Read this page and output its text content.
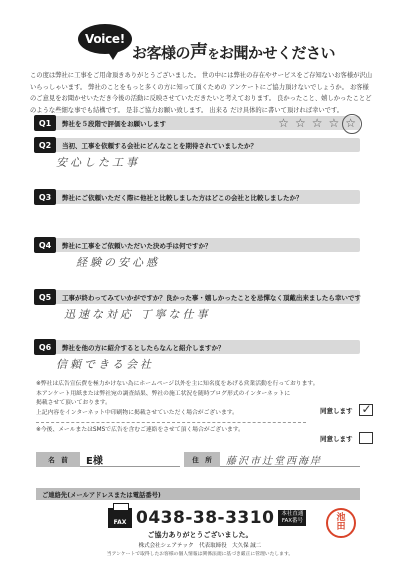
Voice!
お客様の声をお聞かせください

この度は弊社に工事をご用命頂きありがとうございました。 世の中には弊社の存在やサービスをご存知ないお客様が沢山いらっしゃいます。 弊社のことをもっと多くの方に知って頂くための アンケートにご協力頂けないでしょうか。 お客様のご意見をお聞かせいただき今後の活動に反映させていただきたいと考えております。 良かったこと、嬉しかったことどのような些細な事でも結構です。 是非ご協力お願い致します。 出来る だけ具体的に書いて頂ければ幸いです。

Q1	弊社を５段階で評価をお願いします	☆ ☆ ☆ ☆ ☆
Q2	当初、工事を依頼する会社にどんなことを期待されていましたか？
安心した工事
Q3	弊社にご依頼いただく際に他社と比較しました方はどこの会社と比較しましたか？
Q4	弊社に工事をご依頼いただいた決め手は何ですか？
経験の安心感
Q5	工事が終わってみていかがですか？良かった事・嬉しかったことを忌憚なく頂戴出来ましたら幸いです
迅速な対応 丁寧な仕事
Q6	弊社を他の方に紹介するとしたらなんと紹介しますか？
信頼できる会社
※弊社は広告宣伝費を極力かけない為にホームページ以外を主に知名度をあげる営業活動を行っております。
本アンケート用紙または弊社宛の調査結果、弊社の施工状況を随時ブログ形式のインターネットに
掲載させて頂いております。
上記内容をインターネット中印刷物に掲載させていただく場合がございます。
※今後、メールまたはSMSで広告を含むご連絡をさせて頂く場合がございます。
同意します
✓
同意します
名　前	E様	住　所	藤沢市辻堂西海岸
ご連絡先(メールアドレスまたは電話番号)
FAX 0438-38-3310 本社直通
FAX番号	池
田
ご協力ありがとうございました。
株式会社シェアテック　代表取締役　大久保 誠二
当アンケートで取得したお客様の個人情報は関係法規に基づき厳正に管理いたします。
